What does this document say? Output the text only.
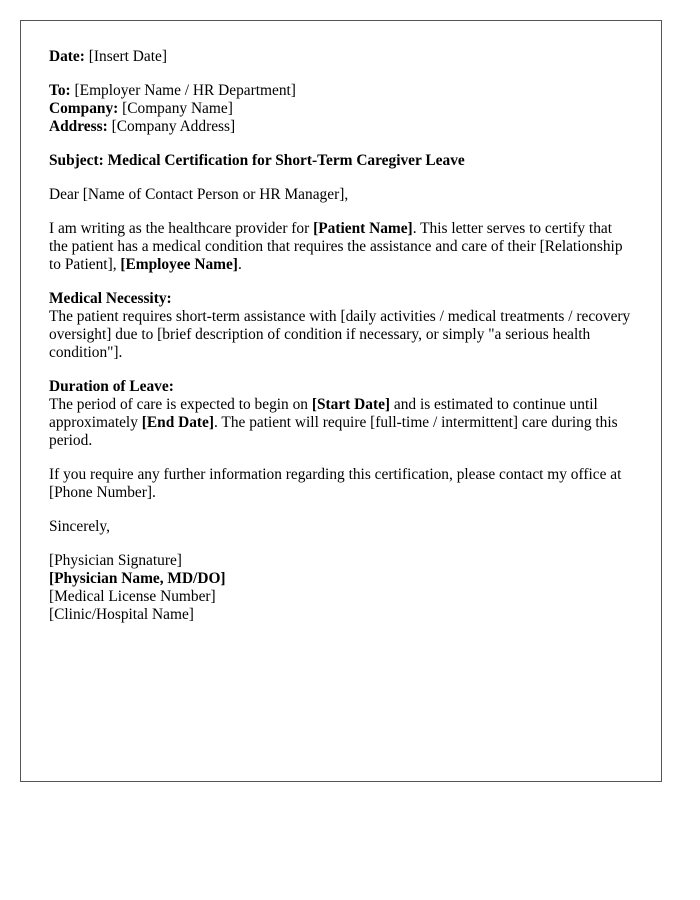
Date: [Insert Date]
To: [Employer Name / HR Department]
Company: [Company Name]
Address: [Company Address]
Subject: Medical Certification for Short-Term Caregiver Leave
Dear [Name of Contact Person or HR Manager],
I am writing as the healthcare provider for [Patient Name]. This letter serves to certify that the patient has a medical condition that requires the assistance and care of their [Relationship to Patient], [Employee Name].
Medical Necessity:
The patient requires short-term assistance with [daily activities / medical treatments / recovery oversight] due to [brief description of condition if necessary, or simply "a serious health condition"].
Duration of Leave:
The period of care is expected to begin on [Start Date] and is estimated to continue until approximately [End Date]. The patient will require [full-time / intermittent] care during this period.
If you require any further information regarding this certification, please contact my office at [Phone Number].
Sincerely,
[Physician Signature]
[Physician Name, MD/DO]
[Medical License Number]
[Clinic/Hospital Name]
